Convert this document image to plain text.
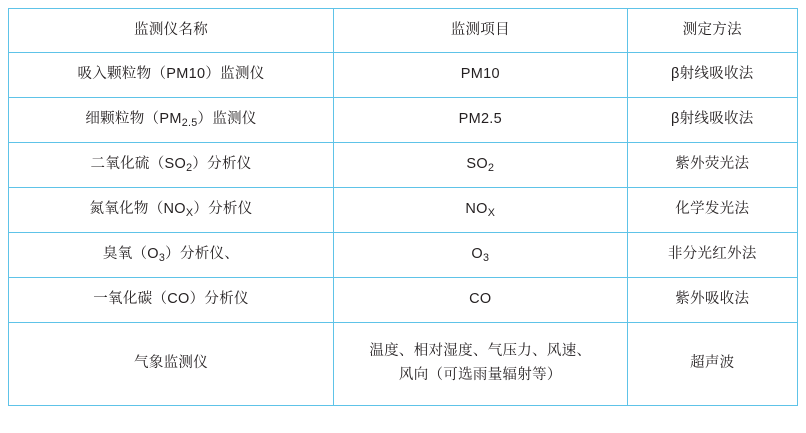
监测仪名称	监测项目	测定方法

吸入颗粒物（PM10）监测仪	PM10	β射线吸收法

细颗粒物$(PM_{2.5})$监测仪	PM2.5	β射线吸收法

二氧化硫$(SO_2)$分析仪	$SO_2$	紫外荧光法

氮氧化物$(NO_X)$分析仪	$NO_X$	化学发光法

臭氧$(O_3)$分析仪、	$O_3$	非分光红外法

一氧化碳（CO）分析仪	CO	紫外吸收法

气象监测仪	温度、相对湿度、气压力、风速、风向（可选雨量辐射等）	超声波
